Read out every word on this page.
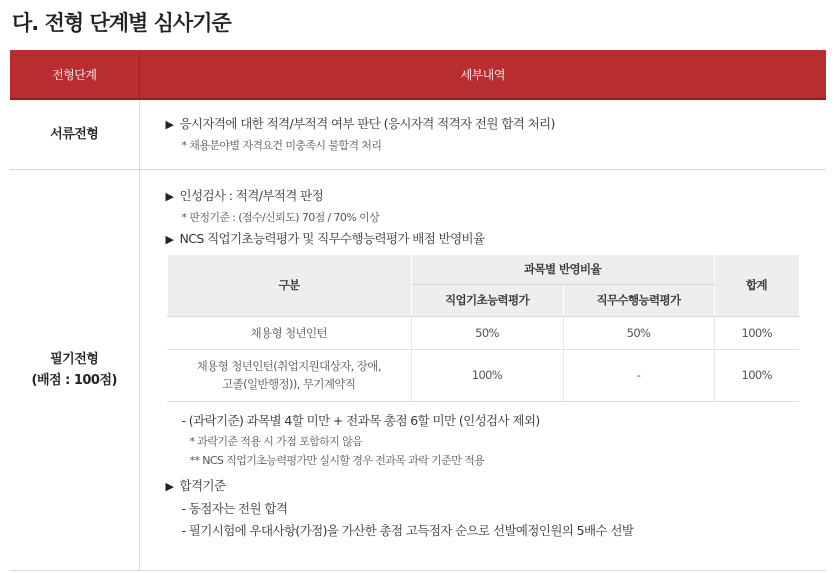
다. 전형 단계별 심사기준
전형단계	세부내역
서류전형	
▶ 응시자격에 대한 적격/부적격 여부 판단 (응시자격 적격자 전원 합격 처리)
* 채용분야별 자격요건 미충족시 불합격 처리

필기전형
(배점 : 100점)

▶ 인성검사 : 적격/부적격 판정
* 판정기준 : (점수/신뢰도) 70점 / 70% 이상
▶ NCS 직업기초능력평가 및 직무수행능력평가 배점 반영비율
구분	과목별 반영비율	합계
직업기초능력평가	직무수행능력평가
채용형 청년인턴	50%	50%	100%

채용형 청년인턴(취업지원대상자, 장애,
고졸(일반행정)), 무기계약직
	100%	-	100%
- (과락기준) 과목별 4할 미만 + 전과목 총점 6할 미만 (인성검사 제외)
* 과락기준 적용 시 가점 포함하지 않음
** NCS 직업기초능력평가만 실시할 경우 전과목 과락 기준만 적용
▶ 합격기준
- 동점자는 전원 합격
- 필기시험에 우대사항(가점)을 가산한 총점 고득점자 순으로 선발예정인원의 5배수 선발
